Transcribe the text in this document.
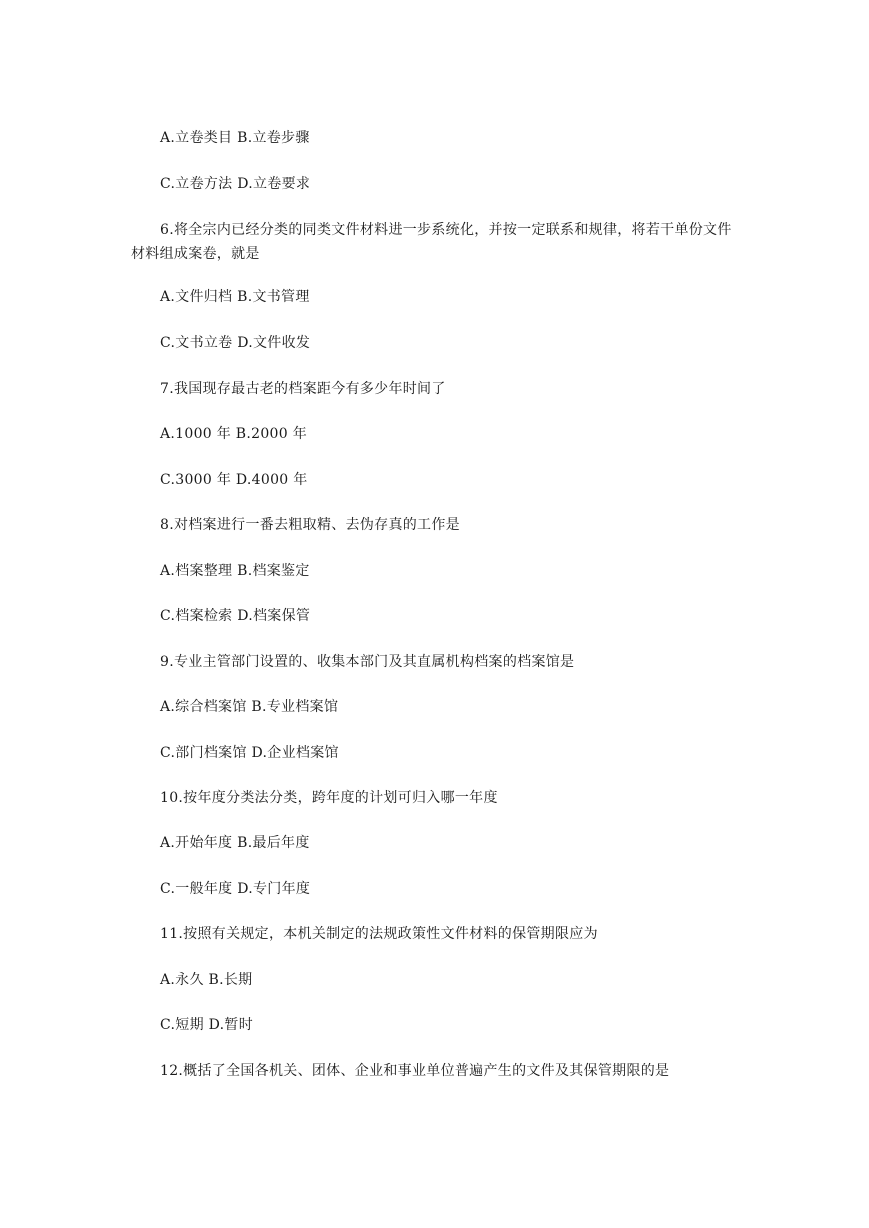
A.立卷类目 B.立卷步骤
C.立卷方法 D.立卷要求
6.将全宗内已经分类的同类文件材料进一步系统化，并按一定联系和规律，将若干单份文件材料组成案卷，就是
A.文件归档 B.文书管理
C.文书立卷 D.文件收发
7.我国现存最古老的档案距今有多少年时间了
A.1000 年 B.2000 年
C.3000 年 D.4000 年
8.对档案进行一番去粗取精、去伪存真的工作是
A.档案整理 B.档案鉴定
C.档案检索 D.档案保管
9.专业主管部门设置的、收集本部门及其直属机构档案的档案馆是
A.综合档案馆 B.专业档案馆
C.部门档案馆 D.企业档案馆
10.按年度分类法分类，跨年度的计划可归入哪一年度
A.开始年度 B.最后年度
C.一般年度 D.专门年度
11.按照有关规定，本机关制定的法规政策性文件材料的保管期限应为
A.永久 B.长期
C.短期 D.暂时
12.概括了全国各机关、团体、企业和事业单位普遍产生的文件及其保管期限的是
